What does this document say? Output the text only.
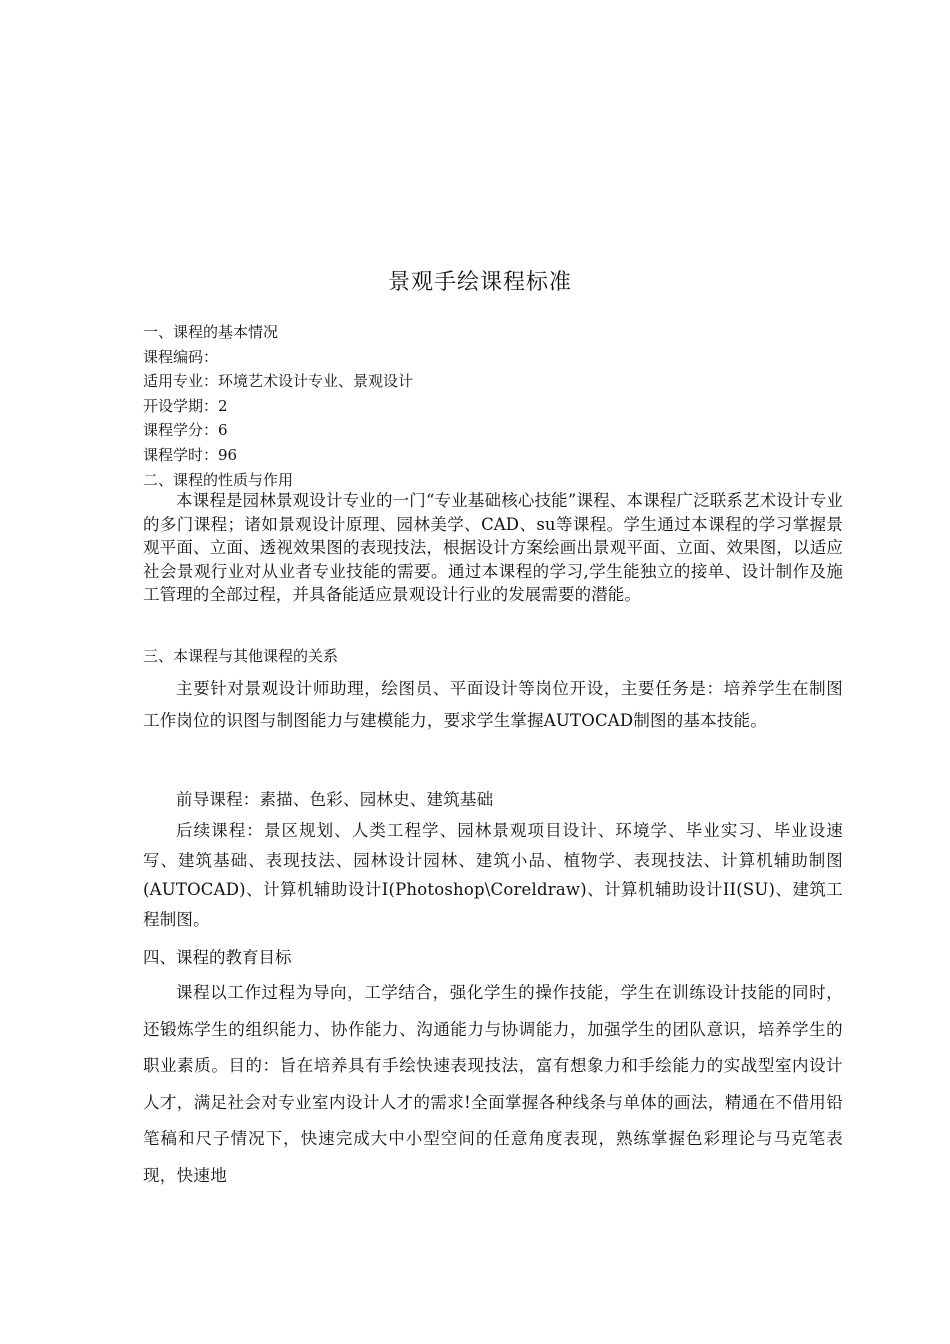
景观手绘课程标准
一、课程的基本情况
课程编码：
适用专业：环境艺术设计专业、景观设计
开设学期：2
课程学分：6
课程学时：96
二、课程的性质与作用
本课程是园林景观设计专业的一门“专业基础核心技能”课程、本课程广泛联系艺术设计专业的多门课程；诸如景观设计原理、园林美学、CAD、su等课程。学生通过本课程的学习掌握景观平面、立面、透视效果图的表现技法，根据设计方案绘画出景观平面、立面、效果图，以适应社会景观行业对从业者专业技能的需要。通过本课程的学习,学生能独立的接单、设计制作及施工管理的全部过程，并具备能适应景观设计行业的发展需要的潜能。
三、本课程与其他课程的关系
主要针对景观设计师助理，绘图员、平面设计等岗位开设，主要任务是：培养学生在制图工作岗位的识图与制图能力与建模能力，要求学生掌握AUTOCAD制图的基本技能。
前导课程：素描、色彩、园林史、建筑基础
后续课程：景区规划、人类工程学、园林景观项目设计、环境学、毕业实习、毕业设速写、建筑基础、表现技法、园林设计园林、建筑小品、植物学、表现技法、计算机辅助制图(AUTOCAD)、计算机辅助设计I(Photoshop\Coreldraw)、计算机辅助设计II(SU)、建筑工程制图。
四、课程的教育目标
课程以工作过程为导向，工学结合，强化学生的操作技能，学生在训练设计技能的同时，还锻炼学生的组织能力、协作能力、沟通能力与协调能力，加强学生的团队意识，培养学生的职业素质。目的：旨在培养具有手绘快速表现技法，富有想象力和手绘能力的实战型室内设计人才，满足社会对专业室内设计人才的需求!全面掌握各种线条与单体的画法，精通在不借用铅笔稿和尺子情况下，快速完成大中小型空间的任意角度表现，熟练掌握色彩理论与马克笔表现，快速地
